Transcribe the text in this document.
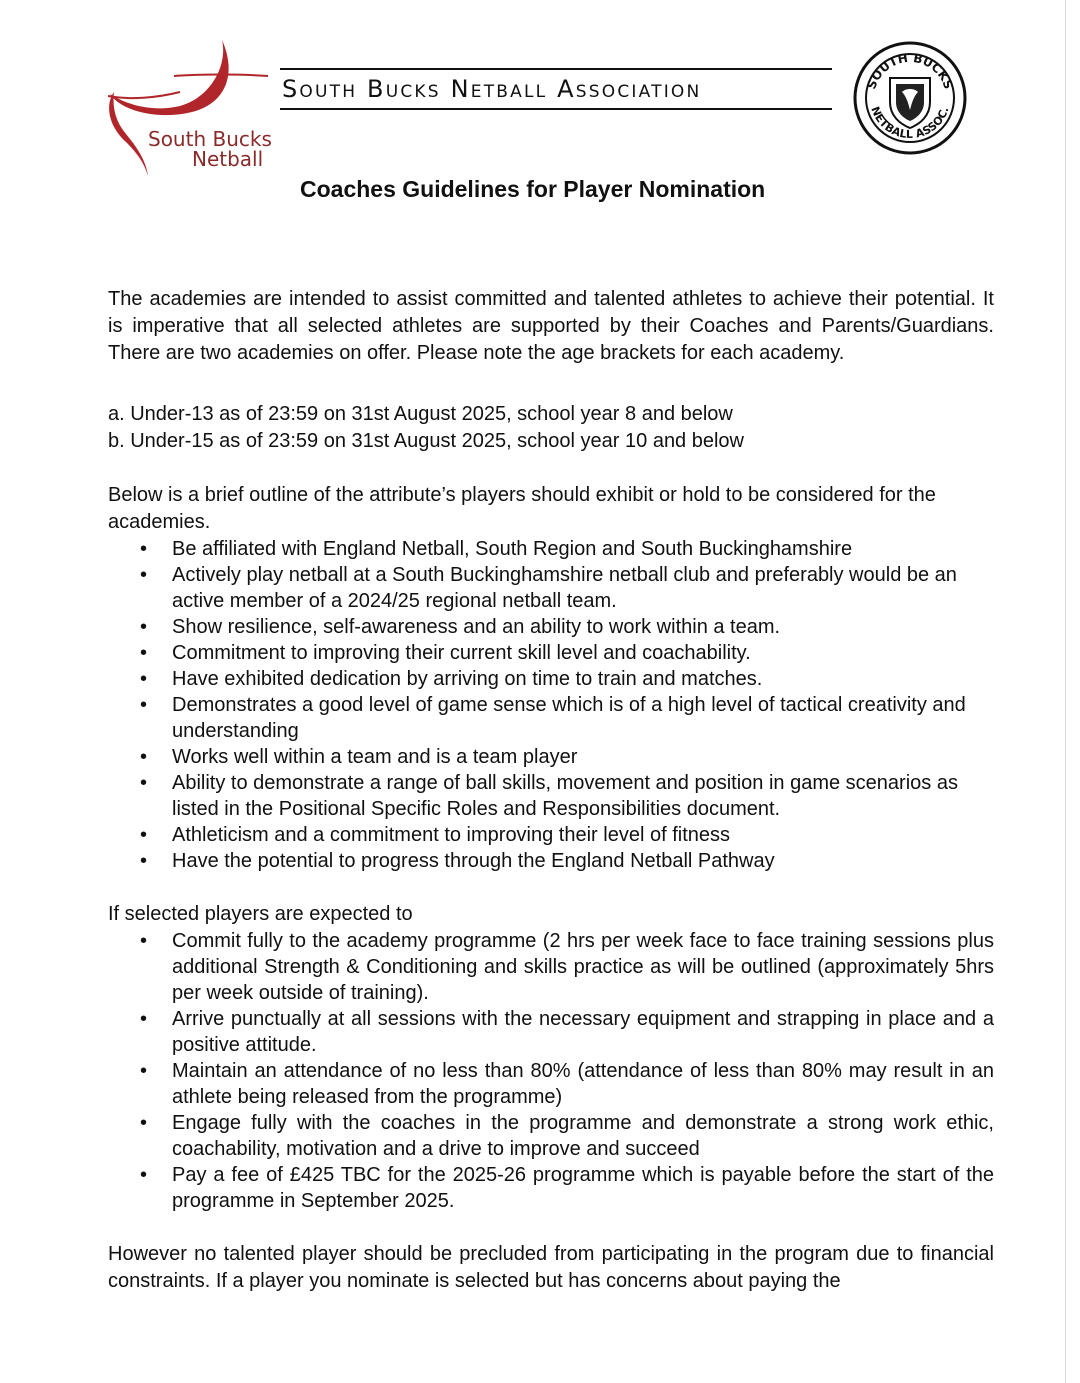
South Bucks
Netball
South Bucks Netball Association	SOUTH BUCKS
NETBALL ASSOC.
Coaches Guidelines for Player Nomination

The academies are intended to assist committed and talented athletes to achieve their potential. It is imperative that all selected athletes are supported by their Coaches and Parents/Guardians. There are two academies on offer. Please note the age brackets for each academy.

a. Under-13 as of 23:59 on 31st August 2025, school year 8 and below

b. Under-15 as of 23:59 on 31st August 2025, school year 10 and below

Below is a brief outline of the attribute’s players should exhibit or hold to be considered for the academies.

• Be affiliated with England Netball, South Region and South Buckinghamshire
• Actively play netball at a South Buckinghamshire netball club and preferably would be an active member of a 2024/25 regional netball team.
• Show resilience, self-awareness and an ability to work within a team.
• Commitment to improving their current skill level and coachability.
• Have exhibited dedication by arriving on time to train and matches.
• Demonstrates a good level of game sense which is of a high level of tactical creativity and understanding
• Works well within a team and is a team player
• Ability to demonstrate a range of ball skills, movement and position in game scenarios as listed in the Positional Specific Roles and Responsibilities document.
• Athleticism and a commitment to improving their level of fitness
• Have the potential to progress through the England Netball Pathway

If selected players are expected to

• Commit fully to the academy programme (2 hrs per week face to face training sessions plus additional Strength & Conditioning and skills practice as will be outlined (approximately 5hrs per week outside of training).
• Arrive punctually at all sessions with the necessary equipment and strapping in place and a positive attitude.
• Maintain an attendance of no less than 80% (attendance of less than 80% may result in an athlete being released from the programme)
• Engage fully with the coaches in the programme and demonstrate a strong work ethic, coachability, motivation and a drive to improve and succeed
• Pay a fee of £425 TBC for the 2025-26 programme which is payable before the start of the programme in September 2025.

However no talented player should be precluded from participating in the program due to financial constraints. If a player you nominate is selected but has concerns about paying the
